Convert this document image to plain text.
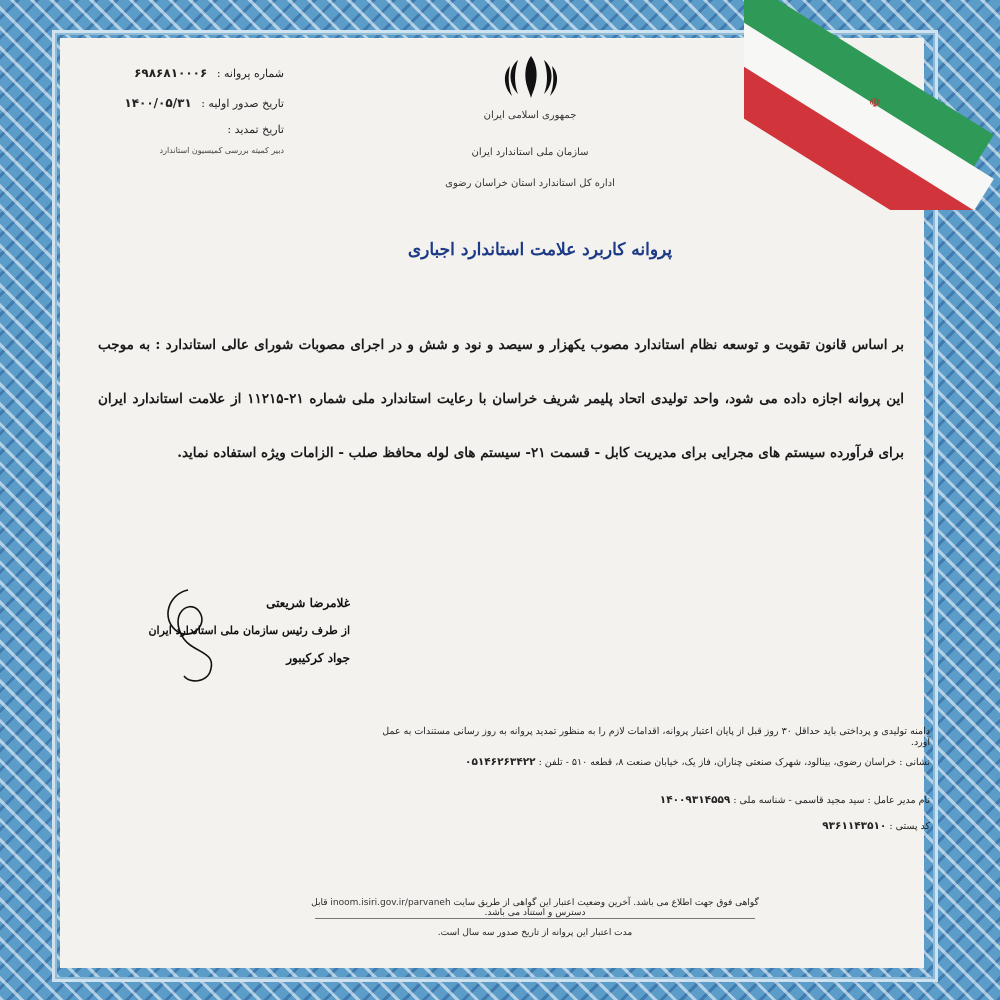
☫
جمهوری اسلامی ایران
سازمان ملی استاندارد ایران
اداره کل استاندارد استان خراسان رضوی
شماره پروانه : ۶۹۸۶۸۱۰۰۰۶
تاریخ صدور اولیه : ۱۴۰۰/۰۵/۳۱
تاریخ تمدید :
دبیر کمیته بررسی کمیسیون استاندارد
پروانه کاربرد علامت استاندارد اجباری
بر اساس قانون تقویت و توسعه نظام استاندارد مصوب یکهزار و سیصد و نود و شش و در اجرای مصوبات شورای عالی استاندارد : به موجب این پروانه اجازه داده می شود، واحد تولیدی اتحاد پلیمر شریف خراسان با رعایت استاندارد ملی شماره ۲۱-۱۱۲۱۵ از علامت استاندارد ایران برای فرآورده سیستم های مجرایی برای مدیریت کابل - قسمت ۲۱- سیستم های لوله محافظ صلب - الزامات ویژه استفاده نماید.
غلامرضا شریعتی
از طرف رئیس سازمان ملی استاندارد ایران
جواد کرکیبور
دامنه تولیدی و پرداختی باید حداقل ۳۰ روز قبل از پایان اعتبار پروانه، اقدامات لازم را به منظور تمدید پروانه به روز رسانی مستندات به عمل آورد.
نشانی : خراسان رضوی، بینالود، شهرک صنعتی چناران، فاز یک، خیابان صنعت ۸، قطعه ۵۱۰ - تلفن : ۰۵۱۴۶۲۶۳۴۲۲
نام مدیر عامل : سید مجید قاسمی - شناسه ملی : ۱۴۰۰۹۳۱۴۵۵۹
کد پستی : ۹۳۶۱۱۴۳۵۱۰
گواهی فوق جهت اطلاع می باشد. آخرین وضعیت اعتبار این گواهی از طریق سایت inoom.isiri.gov.ir/parvaneh قابل دسترس و استناد می باشد.
مدت اعتبار این پروانه از تاریخ صدور سه سال است.
